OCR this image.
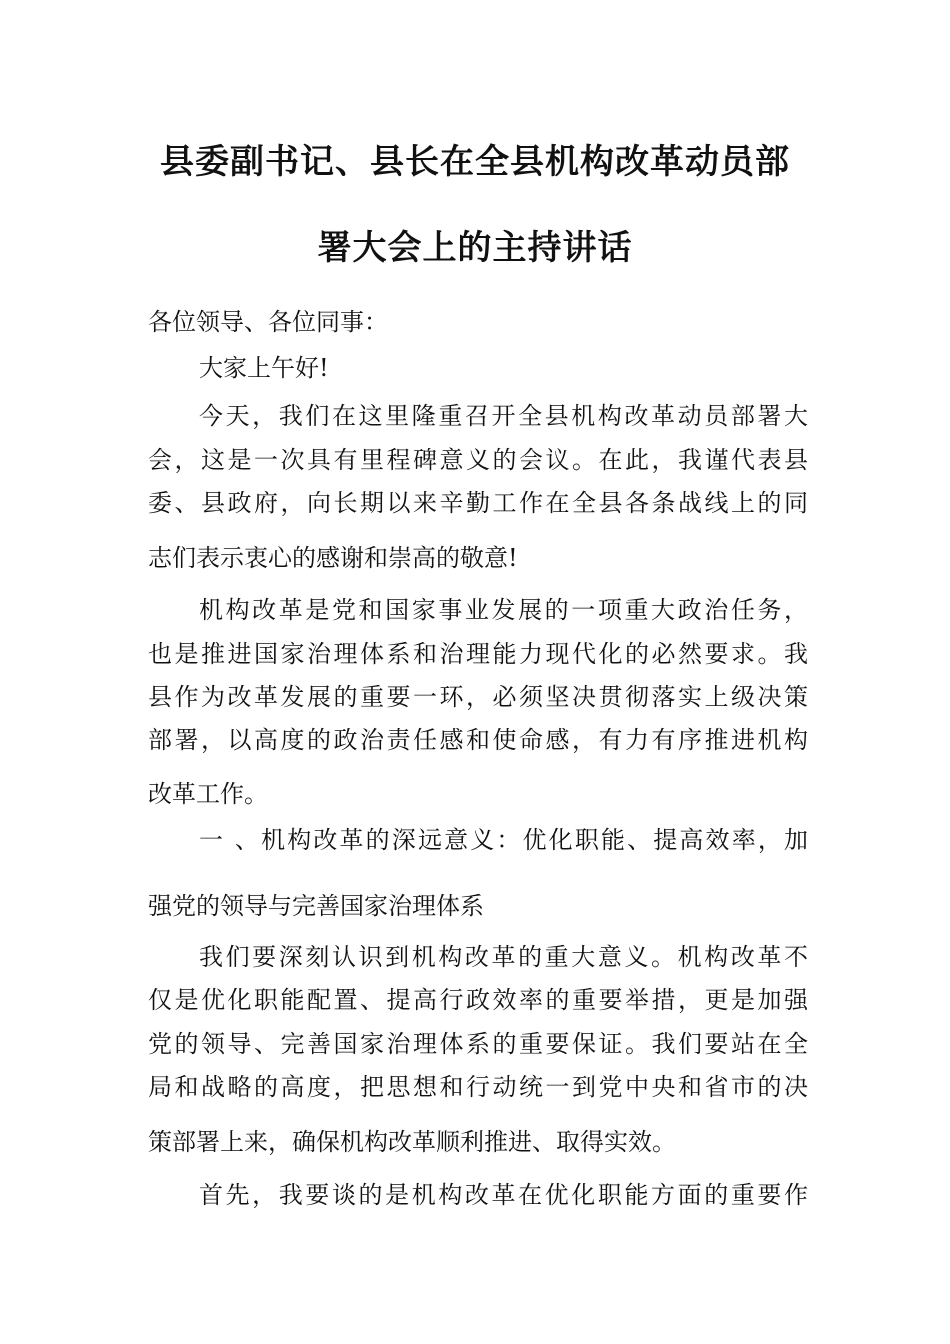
县委副书记、县长在全县机构改革动员部
署大会上的主持讲话

各位领导、各位同事：

大家上午好!

今天，我们在这里隆重召开全县机构改革动员部署大

会，这是一次具有里程碑意义的会议。在此，我谨代表县

委、县政府，向长期以来辛勤工作在全县各条战线上的同

志们表示衷心的感谢和崇高的敬意!

机构改革是党和国家事业发展的一项重大政治任务，

也是推进国家治理体系和治理能力现代化的必然要求。我

县作为改革发展的重要一环，必须坚决贯彻落实上级决策

部署，以高度的政治责任感和使命感，有力有序推进机构

改革工作。

一 、机构改革的深远意义：优化职能、提高效率，加

强党的领导与完善国家治理体系

我们要深刻认识到机构改革的重大意义。机构改革不

仅是优化职能配置、提高行政效率的重要举措，更是加强

党的领导、完善国家治理体系的重要保证。我们要站在全

局和战略的高度，把思想和行动统一到党中央和省市的决

策部署上来，确保机构改革顺利推进、取得实效。

首先，我要谈的是机构改革在优化职能方面的重要作
